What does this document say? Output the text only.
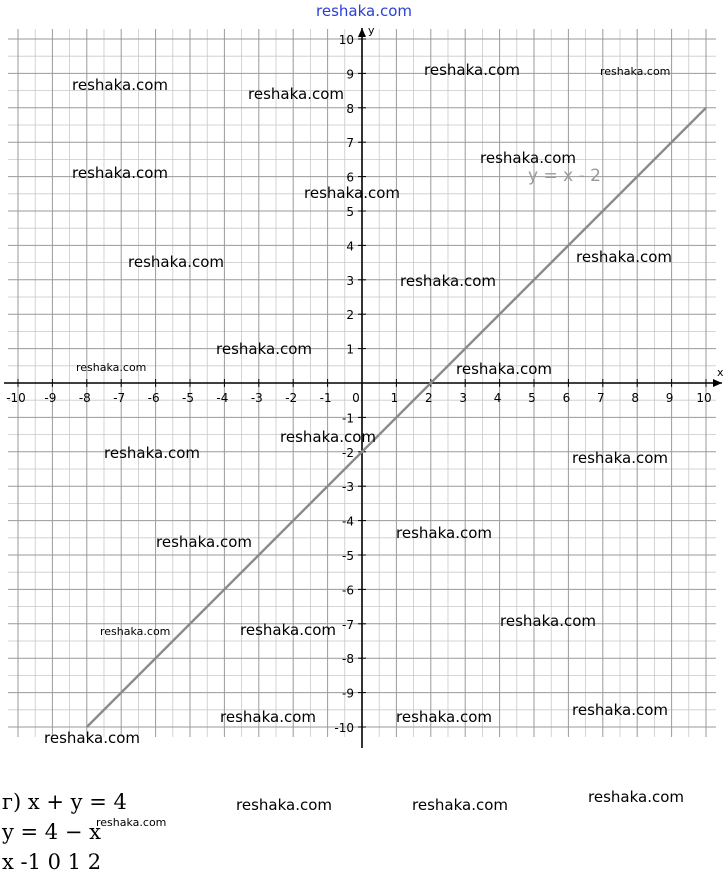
reshaka.com
x
y
-10 -9 -8 -7 -6 -5 -4 -3 -2 -1 0	1 2 3 4 5 6 7 8 9 10
-10
-9
-8
-7
-6
-5
-4
-3
-2
-1
1
2
3
4
5
6
7
8
9
10
y = x - 2
reshaka.com	reshaka.com
reshaka.com	reshaka.com
reshaka.com
reshaka.com
reshaka.com
reshaka.com	reshaka.com
reshaka.com
reshaka.com
reshaka.com	reshaka.com
reshaka.com
reshaka.com	reshaka.com
reshaka.com
reshaka.com
reshaka.com
reshaka.com	reshaka.com
reshaka.com	reshaka.com	reshaka.com
reshaka.com
reshaka.com	reshaka.com	reshaka.com
г) x + y = 4
y = 4 − x
reshaka.com
x -1 0 1 2
